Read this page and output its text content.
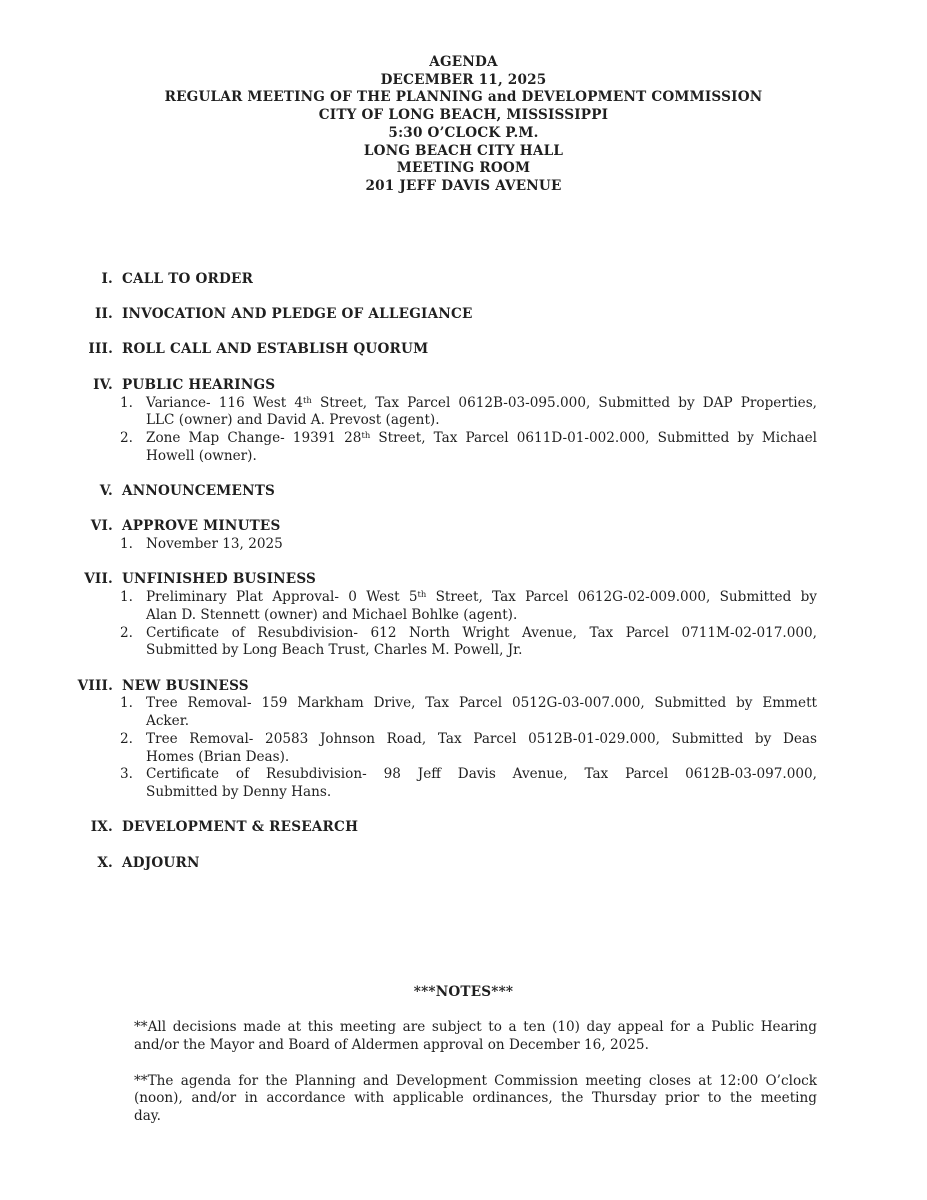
AGENDA
DECEMBER 11, 2025
REGULAR MEETING OF THE PLANNING and DEVELOPMENT COMMISSION
CITY OF LONG BEACH, MISSISSIPPI
5:30 O’CLOCK P.M.
LONG BEACH CITY HALL
MEETING ROOM
201 JEFF DAVIS AVENUE
I. CALL TO ORDER
II. INVOCATION AND PLEDGE OF ALLEGIANCE
III. ROLL CALL AND ESTABLISH QUORUM
IV. PUBLIC HEARINGS
1. Variance- 116 West 4th Street, Tax Parcel 0612B-03-095.000, Submitted by DAP Properties,
LLC (owner) and David A. Prevost (agent).
2. Zone Map Change- 19391 28th Street, Tax Parcel 0611D-01-002.000, Submitted by Michael
Howell (owner).
V. ANNOUNCEMENTS
VI. APPROVE MINUTES
1. November 13, 2025
VII. UNFINISHED BUSINESS
1. Preliminary Plat Approval- 0 West 5th Street, Tax Parcel 0612G-02-009.000, Submitted by
Alan D. Stennett (owner) and Michael Bohlke (agent).
2. Certificate of Resubdivision- 612 North Wright Avenue, Tax Parcel 0711M-02-017.000,
Submitted by Long Beach Trust, Charles M. Powell, Jr.
VIII. NEW BUSINESS
1. Tree Removal- 159 Markham Drive, Tax Parcel 0512G-03-007.000, Submitted by Emmett
Acker.
2. Tree Removal- 20583 Johnson Road, Tax Parcel 0512B-01-029.000, Submitted by Deas
Homes (Brian Deas).
3. Certificate of Resubdivision- 98 Jeff Davis Avenue, Tax Parcel 0612B-03-097.000,
Submitted by Denny Hans.
IX. DEVELOPMENT & RESEARCH
X. ADJOURN
***NOTES***
**All decisions made at this meeting are subject to a ten (10) day appeal for a Public Hearing
and/or the Mayor and Board of Aldermen approval on December 16, 2025.
**The agenda for the Planning and Development Commission meeting closes at 12:00 O’clock
(noon), and/or in accordance with applicable ordinances, the Thursday prior to the meeting
day.
